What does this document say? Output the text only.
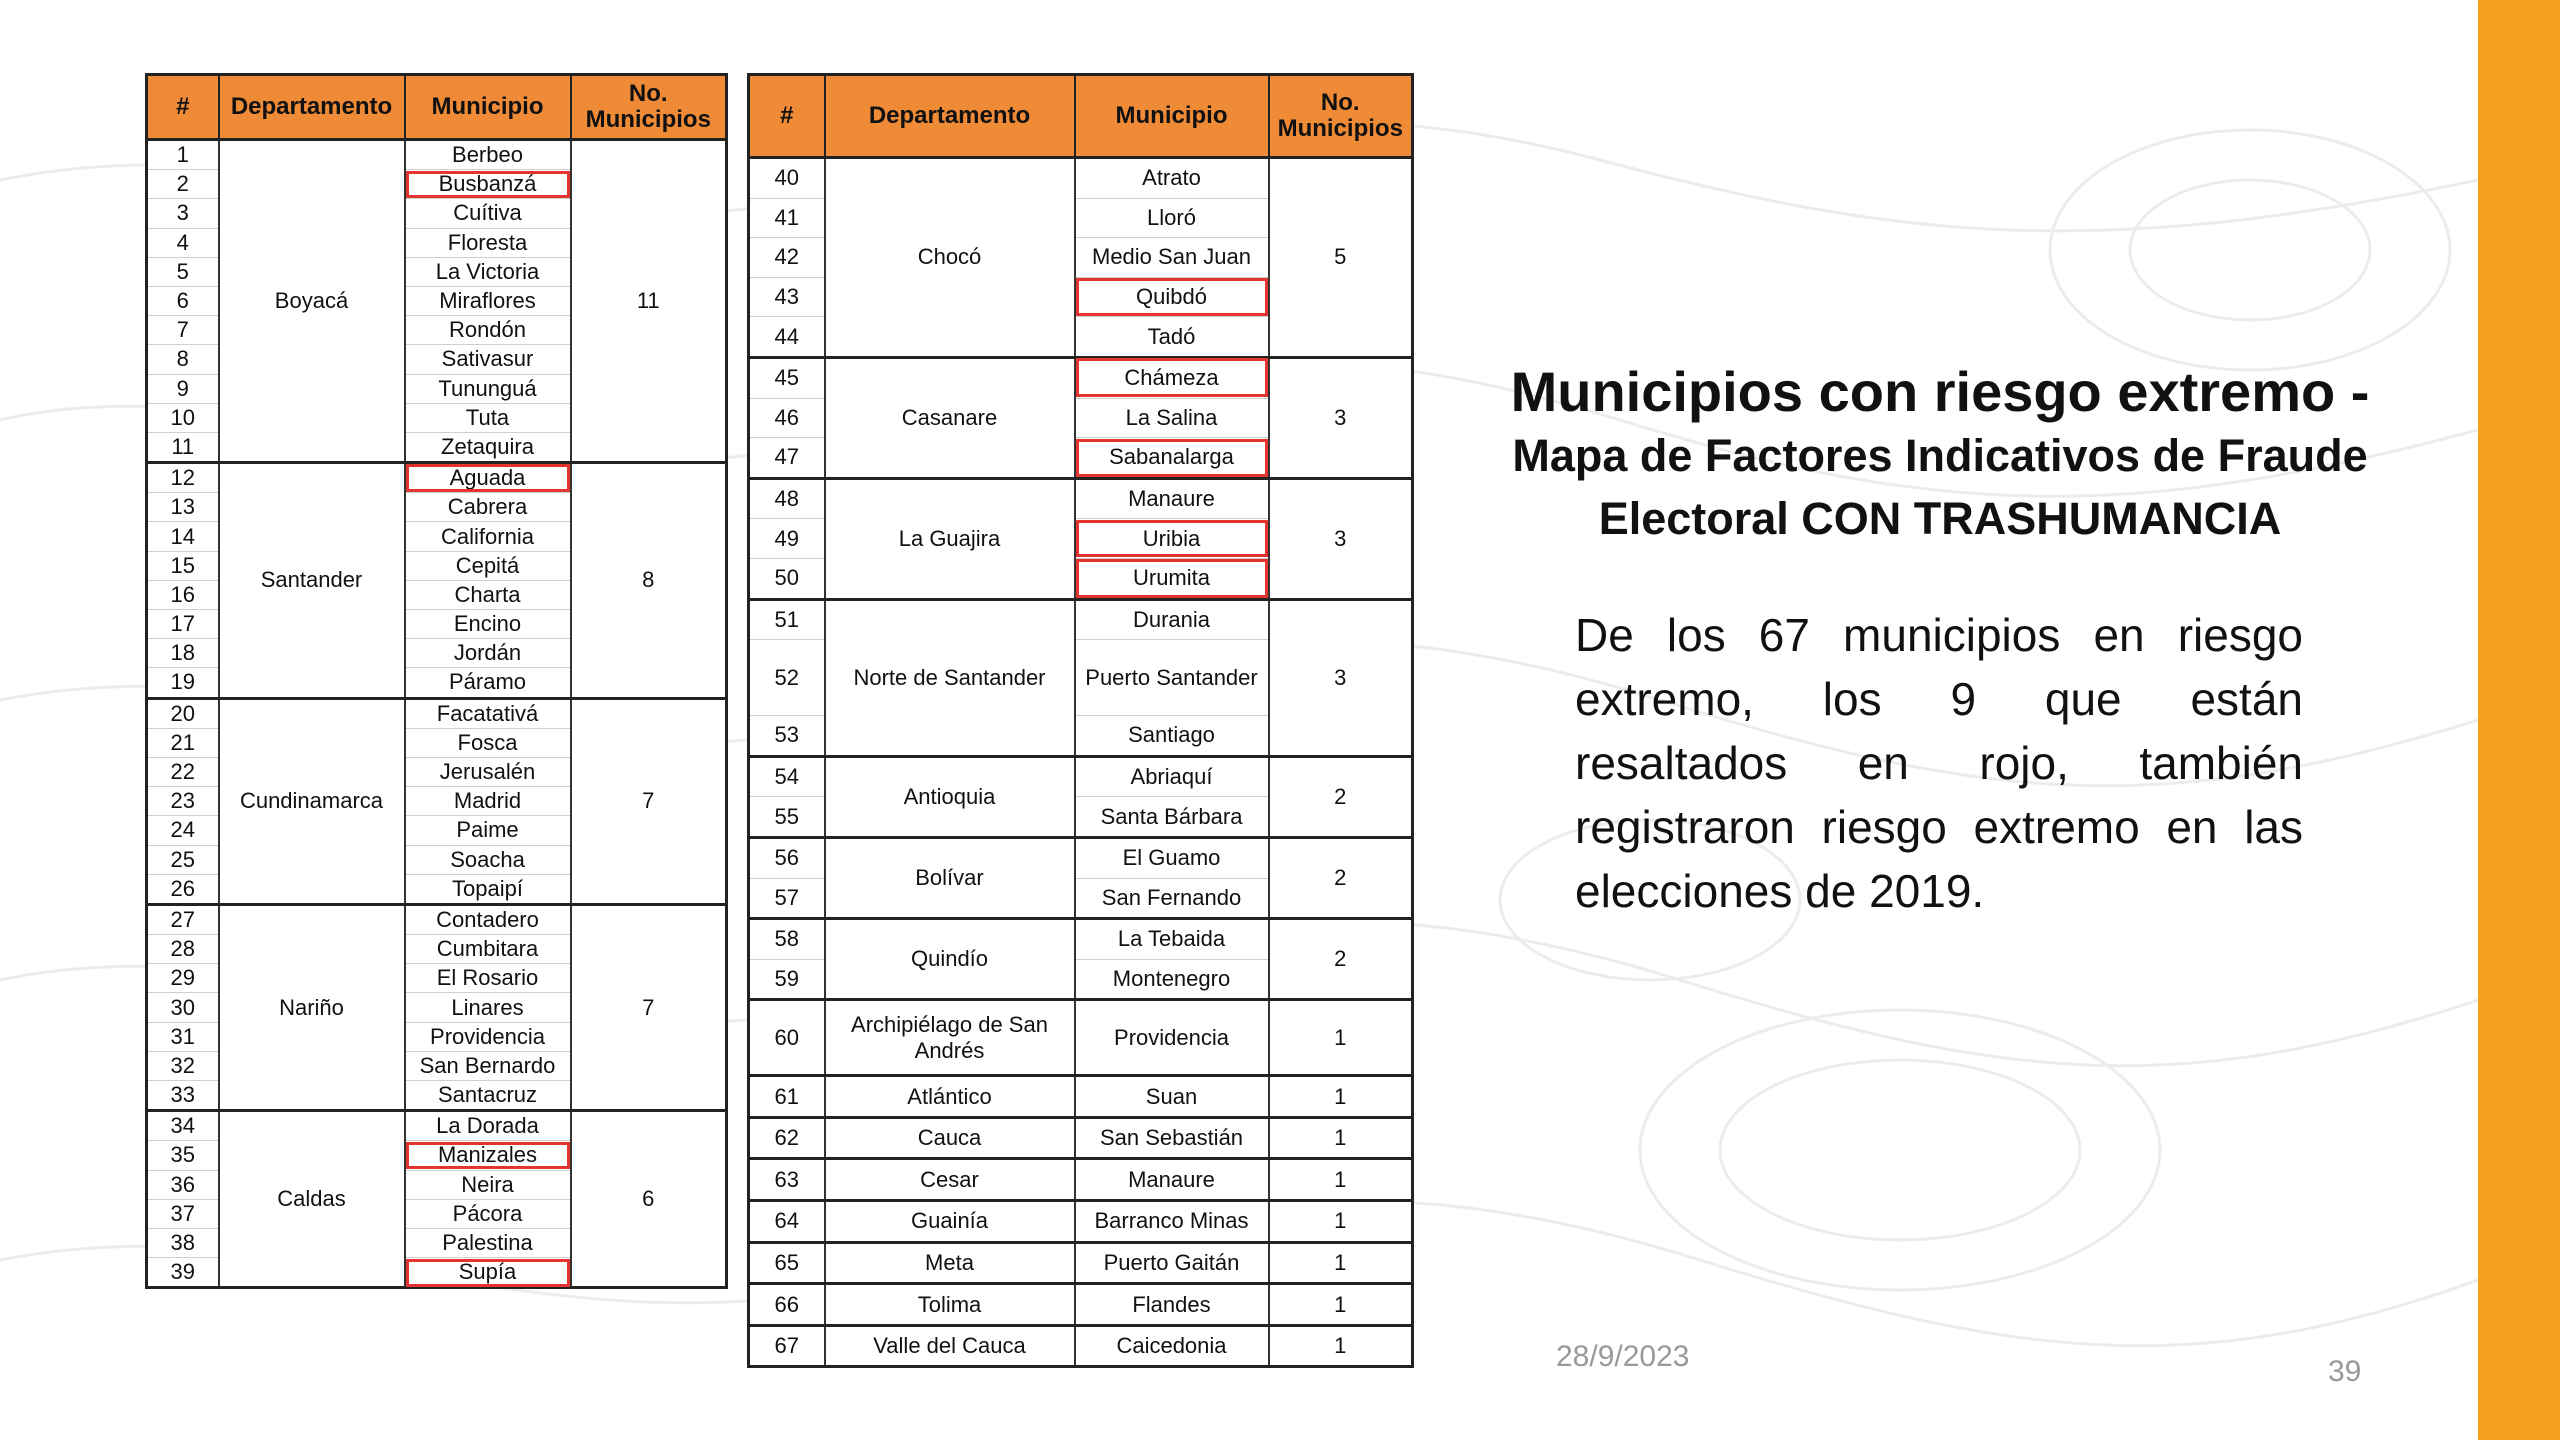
#	Departamento	Municipio	No. Municipios
1	Boyacá	Berbeo	11
2		Busbanzá	
3		Cuítiva	
4		Floresta	
5		La Victoria	
6		Miraflores	
7		Rondón	
8		Sativasur	
9		Tununguá	
10		Tuta	
11		Zetaquira	
12	Santander	Aguada	8
13		Cabrera	
14		California	
15		Cepitá	
16		Charta	
17		Encino	
18		Jordán	
19		Páramo	
20	Cundinamarca	Facatativá	7
21		Fosca	
22		Jerusalén	
23		Madrid	
24		Paime	
25		Soacha	
26		Topaipí	
27	Nariño	Contadero	7
28		Cumbitara	
29		El Rosario	
30		Linares	
31		Providencia	
32		San Bernardo	
33		Santacruz	
34	Caldas	La Dorada	6
35		Manizales	
36		Neira	
37		Pácora	
38		Palestina	
39		Supía	
#	Departamento	Municipio	No. Municipios
40	Chocó	Atrato	5
41		Lloró	
42		Medio San Juan	
43		Quibdó	
44		Tadó	
45	Casanare	Chámeza	3
46		La Salina	
47		Sabanalarga	
48	La Guajira	Manaure	3
49		Uribia	
50		Urumita	
51	Norte de Santander	Durania	3
52		Puerto Santander	
53		Santiago	
54	Antioquia	Abriaquí	2
55		Santa Bárbara	
56	Bolívar	El Guamo	2
57		San Fernando	
58	Quindío	La Tebaida	2
59		Montenegro	
60	Archipiélago de San Andrés	Providencia	1
61	Atlántico	Suan	1
62	Cauca	San Sebastián	1
63	Cesar	Manaure	1
64	Guainía	Barranco Minas	1
65	Meta	Puerto Gaitán	1
66	Tolima	Flandes	1
67	Valle del Cauca	Caicedonia	1
Municipios con riesgo extremo -
Mapa de Factores Indicativos de Fraude
Electoral CON TRASHUMANCIA
De los 67 municipios en riesgo extremo, los 9 que están resaltados en rojo, también registraron riesgo extremo en las elecciones de 2019.
28/9/2023	39
